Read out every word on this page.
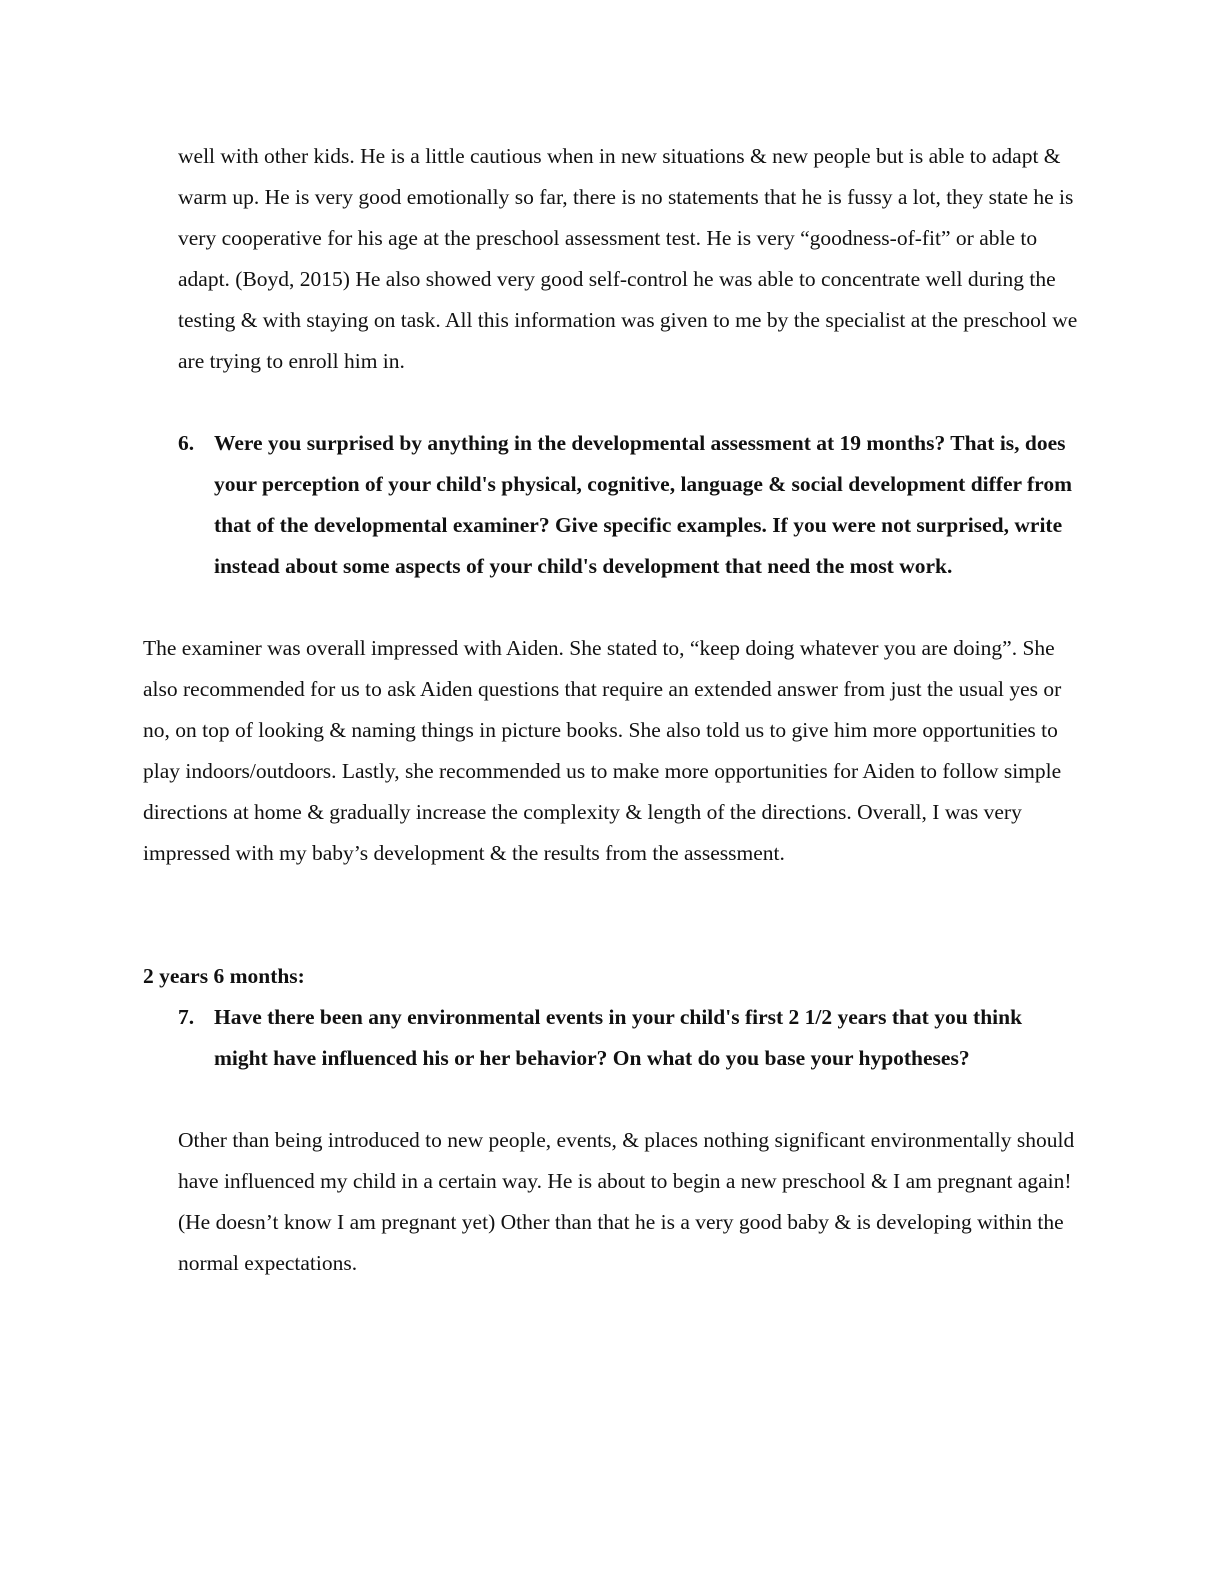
well with other kids. He is a little cautious when in new situations & new people but is able to adapt & warm up. He is very good emotionally so far, there is no statements that he is fussy a lot, they state he is very cooperative for his age at the preschool assessment test. He is very “goodness-of-fit” or able to adapt. (Boyd, 2015) He also showed very good self-control he was able to concentrate well during the testing & with staying on task. All this information was given to me by the specialist at the preschool we are trying to enroll him in.

6. Were you surprised by anything in the developmental assessment at 19 months? That is, does your perception of your child's physical, cognitive, language & social development differ from that of the developmental examiner? Give specific examples. If you were not surprised, write instead about some aspects of your child's development that need the most work.

The examiner was overall impressed with Aiden. She stated to, “keep doing whatever you are doing”. She also recommended for us to ask Aiden questions that require an extended answer from just the usual yes or no, on top of looking & naming things in picture books. She also told us to give him more opportunities to play indoors/outdoors. Lastly, she recommended us to make more opportunities for Aiden to follow simple directions at home & gradually increase the complexity & length of the directions. Overall, I was very impressed with my baby’s development & the results from the assessment.

2 years 6 months:
7. Have there been any environmental events in your child's first 2 1/2 years that you think might have influenced his or her behavior? On what do you base your hypotheses?

Other than being introduced to new people, events, & places nothing significant environmentally should have influenced my child in a certain way. He is about to begin a new preschool & I am pregnant again! (He doesn’t know I am pregnant yet) Other than that he is a very good baby & is developing within the normal expectations.
